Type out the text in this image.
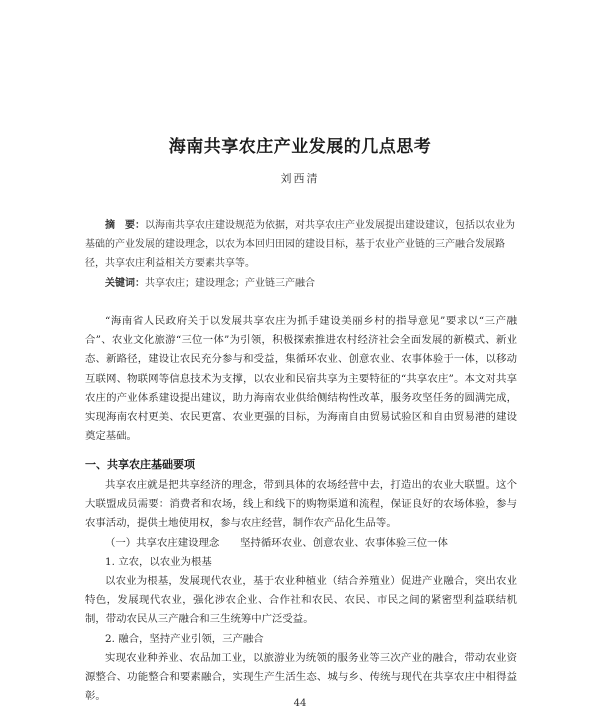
海南共享农庄产业发展的几点思考
刘西清

摘　要：以海南共享农庄建设规范为依据，对共享农庄产业发展提出建设建议，包括以农业为基础的产业发展的建设理念，以农为本回归田园的建设目标，基于农业产业链的三产融合发展路径，共享农庄利益相关方要素共享等。

关键词：共享农庄；建设理念；产业链三产融合

“海南省人民政府关于以发展共享农庄为抓手建设美丽乡村的指导意见”要求以“三产融合”、农业文化旅游“三位一体”为引领，积极探索推进农村经济社会全面发展的新模式、新业态、新路径，建设让农民充分参与和受益，集循环农业、创意农业、农事体验于一体，以移动互联网、物联网等信息技术为支撑，以农业和民宿共享为主要特征的“共享农庄”。本文对共享农庄的产业体系建设提出建议，助力海南农业供给侧结构性改革，服务攻坚任务的圆满完成，实现海南农村更美、农民更富、农业更强的目标，为海南自由贸易试验区和自由贸易港的建设奠定基础。

一、共享农庄基础要项

共享农庄就是把共享经济的理念，带到具体的农场经营中去，打造出的农业大联盟。这个大联盟成员需要：消费者和农场，线上和线下的购物渠道和流程，保证良好的农场体验，参与农事活动，提供土地使用权，参与农庄经营，制作农产品化生品等。

（一）共享农庄建设理念　　坚持循环农业、创意农业、农事体验三位一体

1. 立农，以农业为根基

以农业为根基，发展现代农业，基于农业种植业（结合养殖业）促进产业融合，突出农业特色，发展现代农业，强化涉农企业、合作社和农民、农民、市民之间的紧密型利益联结机制，带动农民从三产融合和三生统筹中广泛受益。

2. 融合，坚持产业引领，三产融合

实现农业种养业、农品加工业，以旅游业为统领的服务业等三次产业的融合，带动农业资源整合、功能整合和要素融合，实现生产生活生态、城与乡、传统与现代在共享农庄中相得益彰。

44
